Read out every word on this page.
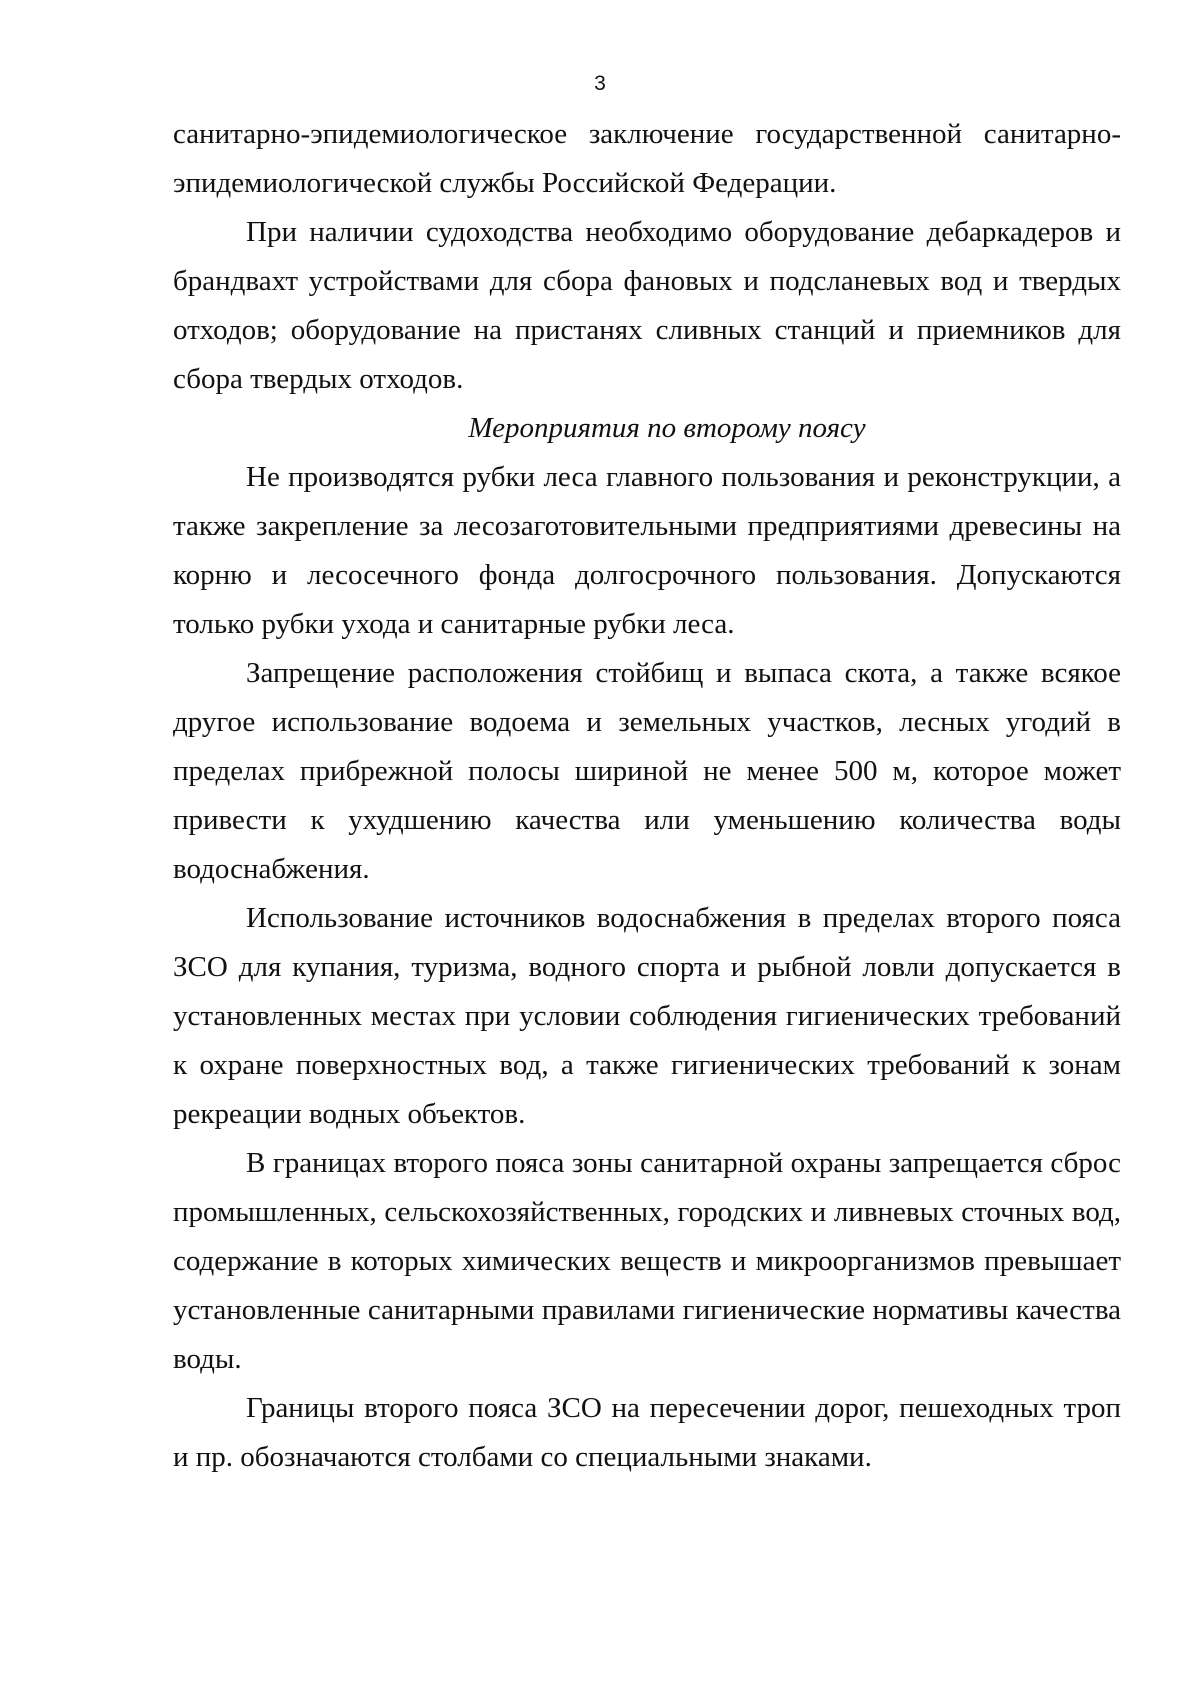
3

санитарно-эпидемиологическое заключение государственной санитарно-эпидемиологической службы Российской Федерации.

При наличии судоходства необходимо оборудование дебаркадеров и брандвахт устройствами для сбора фановых и подсланевых вод и твердых отходов; оборудование на пристанях сливных станций и приемников для сбора твердых отходов.

Мероприятия по второму поясу

Не производятся рубки леса главного пользования и реконструкции, а также закрепление за лесозаготовительными предприятиями древесины на корню и лесосечного фонда долгосрочного пользования. Допускаются только рубки ухода и санитарные рубки леса.

Запрещение расположения стойбищ и выпаса скота, а также всякое другое использование водоема и земельных участков, лесных угодий в пределах прибрежной полосы шириной не менее 500 м, которое может привести к ухудшению качества или уменьшению количества воды водоснабжения.

Использование источников водоснабжения в пределах второго пояса ЗСО для купания, туризма, водного спорта и рыбной ловли допускается в установленных местах при условии соблюдения гигиенических требований к охране поверхностных вод, а также гигиенических требований к зонам рекреации водных объектов.

В границах второго пояса зоны санитарной охраны запрещается сброс промышленных, сельскохозяйственных, городских и ливневых сточных вод, содержание в которых химических веществ и микроорганизмов превышает установленные санитарными правилами гигиенические нормативы качества воды.

Границы второго пояса ЗСО на пересечении дорог, пешеходных троп и пр. обозначаются столбами со специальными знаками.
